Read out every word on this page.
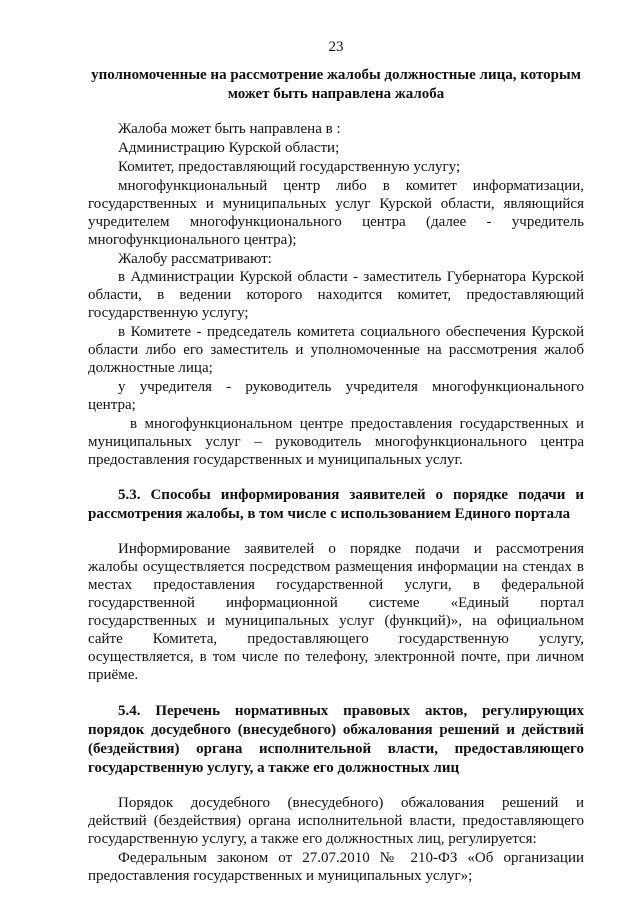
23
уполномоченные на рассмотрение жалобы должностные лица, которым
может быть направлена жалоба
Жалоба может быть направлена в :
Администрацию Курской области;
Комитет, предоставляющий государственную услугу;
многофункциональный центр либо в комитет информатизации,
государственных и муниципальных услуг Курской области, являющийся
учредителем многофункционального центра (далее - учредитель
многофункционального центра);
Жалобу рассматривают:
в Администрации Курской области - заместитель Губернатора Курской
области, в ведении которого находится комитет, предоставляющий
государственную услугу;
в Комитете - председатель комитета социального обеспечения Курской
области либо его заместитель и уполномоченные на рассмотрения жалоб
должностные лица;
у учредителя - руководитель учредителя многофункционального
центра;
в многофункциональном центре предоставления государственных и
муниципальных услуг – руководитель многофункционального центра
предоставления государственных и муниципальных услуг.
5.3. Способы информирования заявителей о порядке подачи и
рассмотрения жалобы, в том числе с использованием Единого портала
Информирование заявителей о порядке подачи и рассмотрения
жалобы осуществляется посредством размещения информации на стендах в
местах предоставления государственной услуги, в федеральной
государственной информационной системе «Единый портал
государственных и муниципальных услуг (функций)», на официальном
сайте Комитета, предоставляющего государственную услугу,
осуществляется, в том числе по телефону, электронной почте, при личном
приёме.
5.4. Перечень нормативных правовых актов, регулирующих
порядок досудебного (внесудебного) обжалования решений и действий
(бездействия) органа исполнительной власти, предоставляющего
государственную услугу, а также его должностных лиц
Порядок досудебного (внесудебного) обжалования решений и
действий (бездействия) органа исполнительной власти, предоставляющего
государственную услугу, а также его должностных лиц, регулируется:
Федеральным законом от 27.07.2010 № 210-ФЗ «Об организации
предоставления государственных и муниципальных услуг»;
